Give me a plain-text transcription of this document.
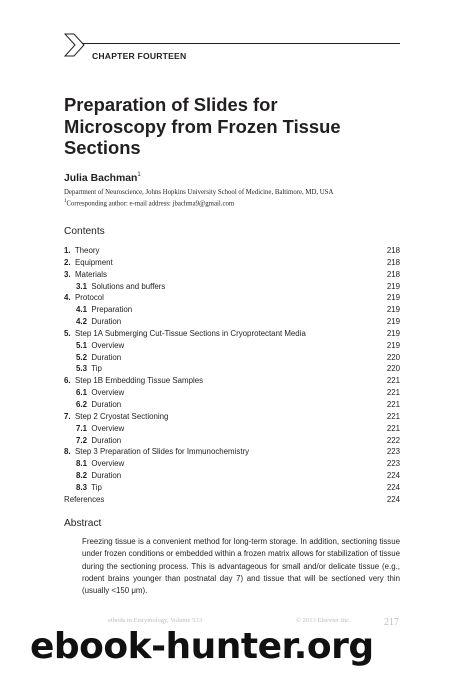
CHAPTER FOURTEEN
Preparation of Slides for
Microscopy from Frozen Tissue
Sections
Julia Bachman$^1$
Department of Neuroscience, Johns Hopkins University School of Medicine, Baltimore, MD, USA
$^1$Corresponding author: e-mail address: jbachma9@gmail.com
Contents
1. Theory	218
2. Equipment	218
3. Materials	218
3.1 Solutions and buffers	219
4. Protocol	219
4.1 Preparation	219
4.2 Duration	219
5. Step 1A Submerging Cut-Tissue Sections in Cryoprotectant Media	219
5.1 Overview	219
5.2 Duration	220
5.3 Tip	220
6. Step 1B Embedding Tissue Samples	221
6.1 Overview	221
6.2 Duration	221
7. Step 2 Cryostat Sectioning	221
7.1 Overview	221
7.2 Duration	222
8. Step 3 Preparation of Slides for Immunochemistry	223
8.1 Overview	223
8.2 Duration	224
8.3 Tip	224
References	224
Abstract

Freezing tissue is a convenient method for long-term storage. In addition, sectioning tissue under frozen conditions or embedded within a frozen matrix allows for stabilization of tissue during the sectioning process. This is advantageous for small and/or delicate tissue (e.g., rodent brains younger than postnatal day 7) and tissue that will be sectioned very thin (usually <150 μm).

ethods in Enzymology, Volume 533	© 2013 Elsevier Inc.	217
ebook-hunter.org
